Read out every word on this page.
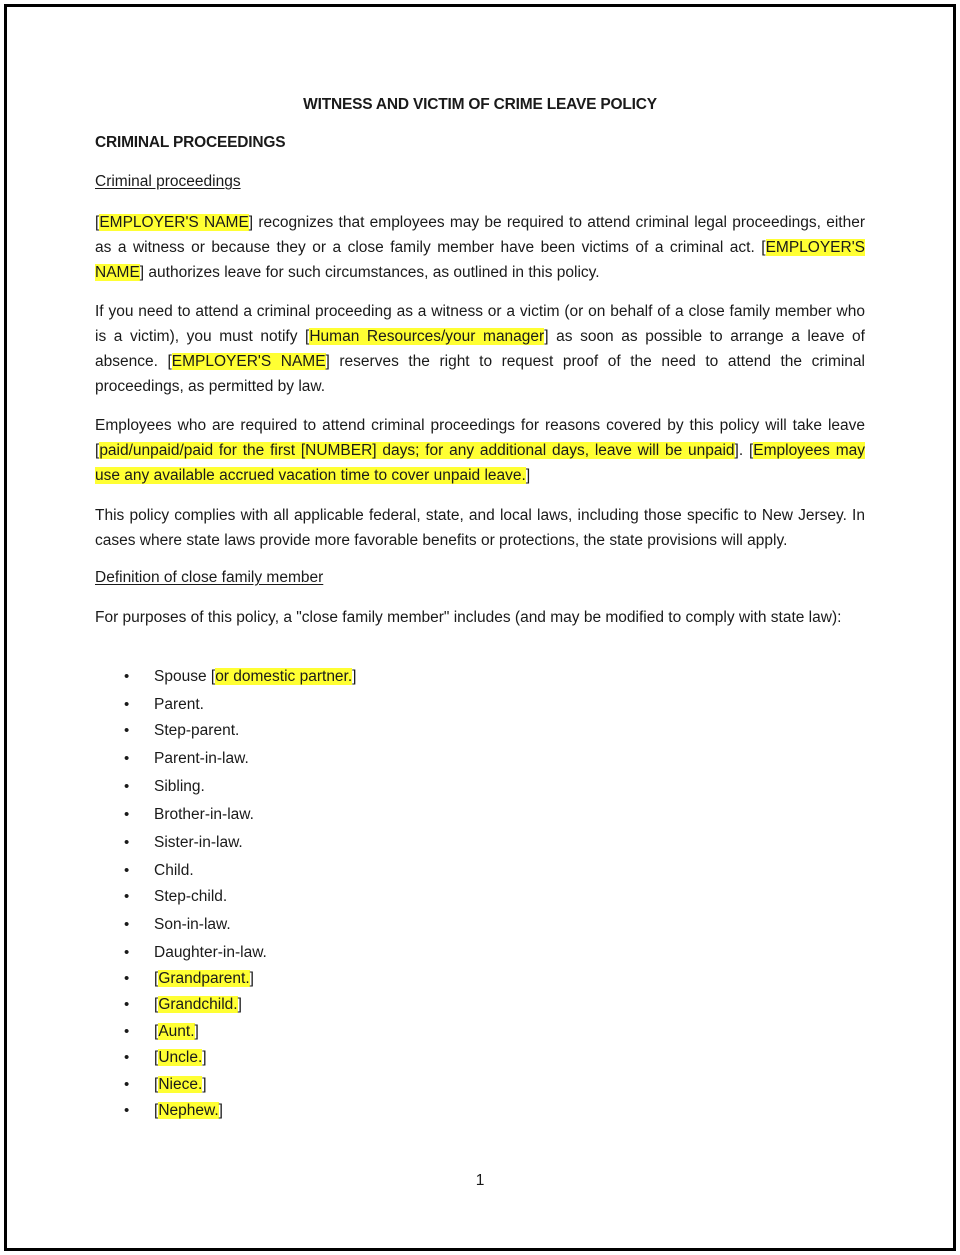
WITNESS AND VICTIM OF CRIME LEAVE POLICY
CRIMINAL PROCEEDINGS
Criminal proceedings

[EMPLOYER'S NAME] recognizes that employees may be required to attend criminal legal proceedings, either as a witness or because they or a close family member have been victims of a criminal act. [EMPLOYER'S NAME] authorizes leave for such circumstances, as outlined in this policy.

If you need to attend a criminal proceeding as a witness or a victim (or on behalf of a close family member who is a victim), you must notify [Human Resources/your manager] as soon as possible to arrange a leave of absence. [EMPLOYER'S NAME] reserves the right to request proof of the need to attend the criminal proceedings, as permitted by law.

Employees who are required to attend criminal proceedings for reasons covered by this policy will take leave [paid/unpaid/paid for the first [NUMBER] days; for any additional days, leave will be unpaid]. [Employees may use any available accrued vacation time to cover unpaid leave.]

This policy complies with all applicable federal, state, and local laws, including those specific to New Jersey. In cases where state laws provide more favorable benefits or protections, the state provisions will apply.

Definition of close family member

For purposes of this policy, a "close family member" includes (and may be modified to comply with state law):

• Spouse [or domestic partner.]
• Parent.
• Step-parent.
• Parent-in-law.
• Sibling.
• Brother-in-law.
• Sister-in-law.
• Child.
• Step-child.
• Son-in-law.
• Daughter-in-law.
• [Grandparent.]
• [Grandchild.]
• [Aunt.]
• [Uncle.]
• [Niece.]
• [Nephew.]
1
